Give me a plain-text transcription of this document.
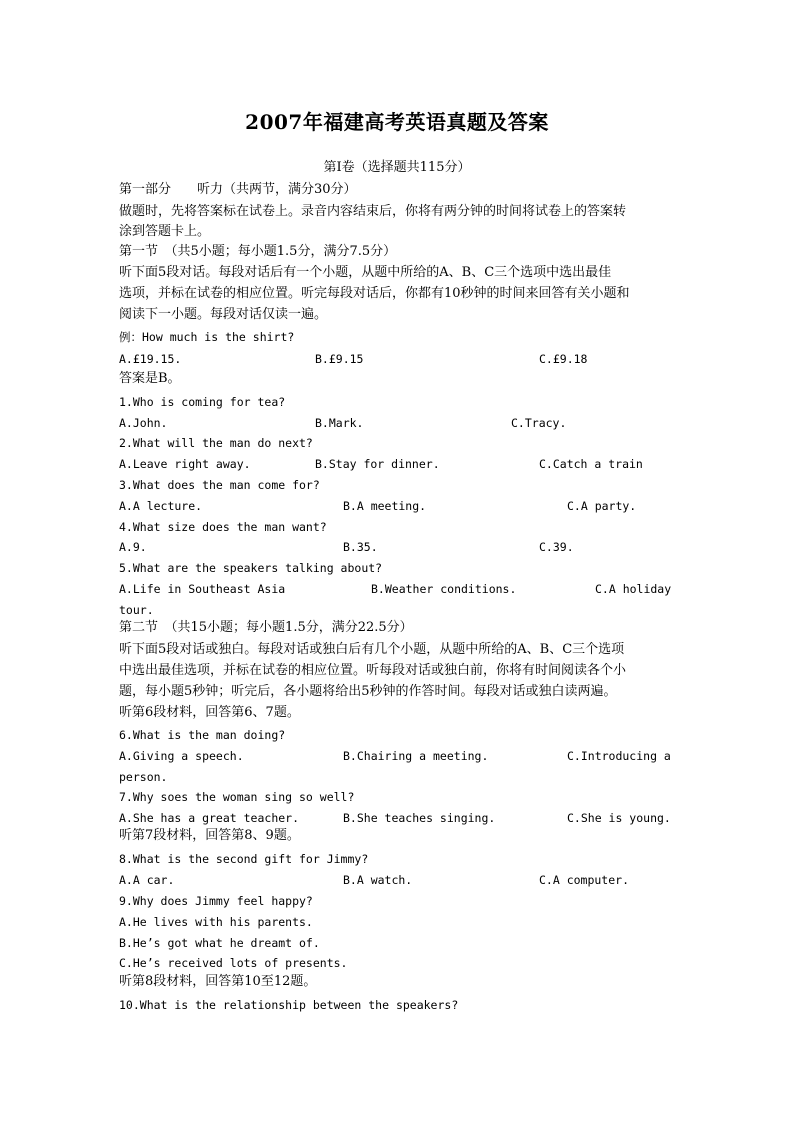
2007年福建高考英语真题及答案
第Ⅰ卷（选择题共115分）
第一部分　　听力（共两节，满分30分）
做题时，先将答案标在试卷上。录音内容结束后，你将有两分钟的时间将试卷上的答案转
涂到答题卡上。
第一节　（共5小题；每小题1.5分，满分7.5分）
听下面5段对话。每段对话后有一个小题，从题中所给的A、B、C三个选项中选出最佳
选项，并标在试卷的相应位置。听完每段对话后，你都有10秒钟的时间来回答有关小题和
阅读下一小题。每段对话仅读一遍。
例：How much is the shirt?
A.£19.15.	B.£9.15	C.£9.18
答案是B。
1.Who is coming for tea?
A.John.	B.Mark.	C.Tracy.
2.What will the man do next?
A.Leave right away.	B.Stay for dinner.	C.Catch a train
3.What does the man come for?
A.A lecture.	B.A meeting.	C.A party.
4.What size does the man want?
A.9.	B.35.	C.39.
5.What are the speakers talking about?
A.Life in Southeast Asia	B.Weather conditions.	C.A holiday
tour.
第二节　（共15小题；每小题1.5分，满分22.5分）
听下面5段对话或独白。每段对话或独白后有几个小题，从题中所给的A、B、C三个选项
中选出最佳选项，并标在试卷的相应位置。听每段对话或独白前，你将有时间阅读各个小
题，每小题5秒钟；听完后，各小题将给出5秒钟的作答时间。每段对话或独白读两遍。
听第6段材料，回答第6、7题。
6.What is the man doing?
A.Giving a speech.	B.Chairing a meeting.	C.Introducing a
person.
7.Why soes the woman sing so well?
A.She has a great teacher.	B.She teaches singing.	C.She is young.
听第7段材料，回答第8、9题。
8.What is the second gift for Jimmy?
A.A car.	B.A watch.	C.A computer.
9.Why does Jimmy feel happy?
A.He lives with his parents.
B.He’s got what he dreamt of.
C.He’s received lots of presents.
听第8段材料，回答第10至12题。
10.What is the relationship between the speakers?
